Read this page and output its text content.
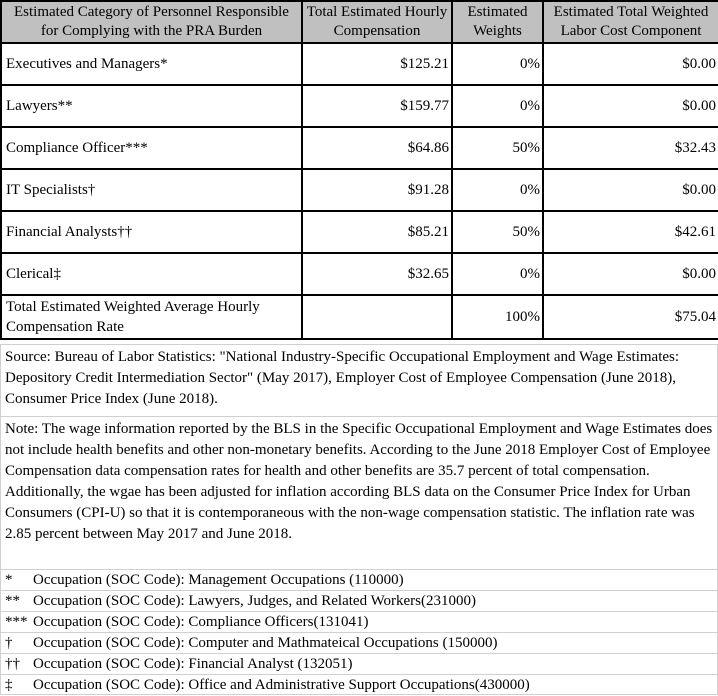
Estimated Category of Personnel Responsible for Complying with the PRA Burden	Total Estimated Hourly Compensation	Estimated Weights	Estimated Total Weighted Labor Cost Component
Executives and Managers*	$125.21	0%	$0.00
Lawyers**	$159.77	0%	$0.00
Compliance Officer***	$64.86	50%	$32.43
IT Specialists†	$91.28	0%	$0.00
Financial Analysts††	$85.21	50%	$42.61
Clerical‡	$32.65	0%	$0.00
Total Estimated Weighted Average Hourly Compensation Rate		100%	$75.04
Source: Bureau of Labor Statistics: "National Industry-Specific Occupational Employment and Wage Estimates: Depository Credit Intermediation Sector" (May 2017), Employer Cost of Employee Compensation (June 2018), Consumer Price Index (June 2018).
Note: The wage information reported by the BLS in the Specific Occupational Employment and Wage Estimates does not include health benefits and other non-monetary benefits. According to the June 2018 Employer Cost of Employee Compensation data compensation rates for health and other benefits are 35.7 percent of total compensation. Additionally, the wgae has been adjusted for inflation according BLS data on the Consumer Price Index for Urban Consumers (CPI-U) so that it is contemporaneous with the non-wage compensation statistic. The inflation rate was 2.85 percent between May 2017 and June 2018.
* Occupation (SOC Code): Management Occupations (110000)
** Occupation (SOC Code): Lawyers, Judges, and Related Workers(231000)
*** Occupation (SOC Code): Compliance Officers(131041)
† Occupation (SOC Code): Computer and Mathmateical Occupations (150000)
†† Occupation (SOC Code): Financial Analyst (132051)
‡ Occupation (SOC Code): Office and Administrative Support Occupations(430000)
